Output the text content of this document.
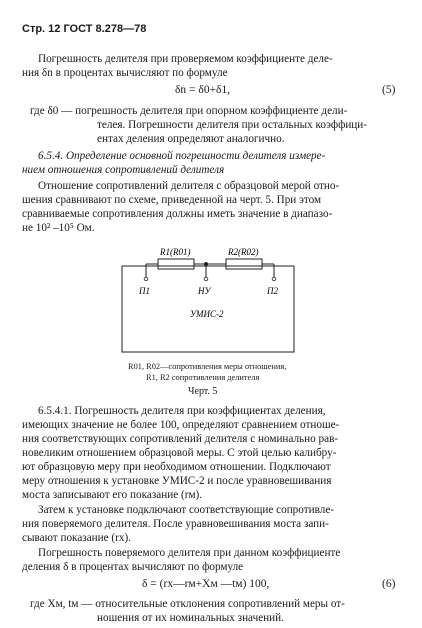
Стр. 12 ГОСТ 8.278—78
Погрешность делителя при проверяемом коэффициенте деле-
ния δn в процентах вычисляют по формуле
δn = δ0+δ1,	(5)
где δ0 — погрешность делителя при опорном коэффициенте дели-
телея. Погрешности делителя при остальных коэффици-
ентах деления определяют аналогично.
6.5.4. Определение основной погрешности делителя измере-
нием отношения сопротивлений делителя
Отношение сопротивлений делителя с образцовой мерой отно-
шения сравнивают по схеме, приведенной на черт. 5. При этом
сравниваемые сопротивления должны иметь значение в диапазо-
не 10² –10⁵ Ом.
R1(R01)	R2(R02)
П1	НУ	П2
УМИС-2
R01, R02—сопротивления меры отношения,
R1, R2 сопротивления делителя
Черт. 5
6.5.4.1. Погрешность делителя при коэффициентах деления,
имеющих значение не более 100, определяют сравнением отноше-
ния соответствующих сопротивлений делителя с номинально рав-
новеликим отношением образцовой меры. С этой целью калибру-
ют образцовую меру при необходимом отношении. Подключают
меру отношения к установке УМИС-2 и после уравновешивания
моста записывают его показание (rм).
Затем к установке подключают соответствующие сопротивле-
ния поверяемого делителя. После уравновешивания моста запи-
сывают показание (rx).
Погрешность поверяемого делителя при данном коэффициенте
деления δ в процентах вычисляют по формуле
δ = (rx—rм+Xм —tм) 100,	(6)
где Xм, tм — относительные отклонения сопротивлений меры от-
ношения от их номинальных значений.
